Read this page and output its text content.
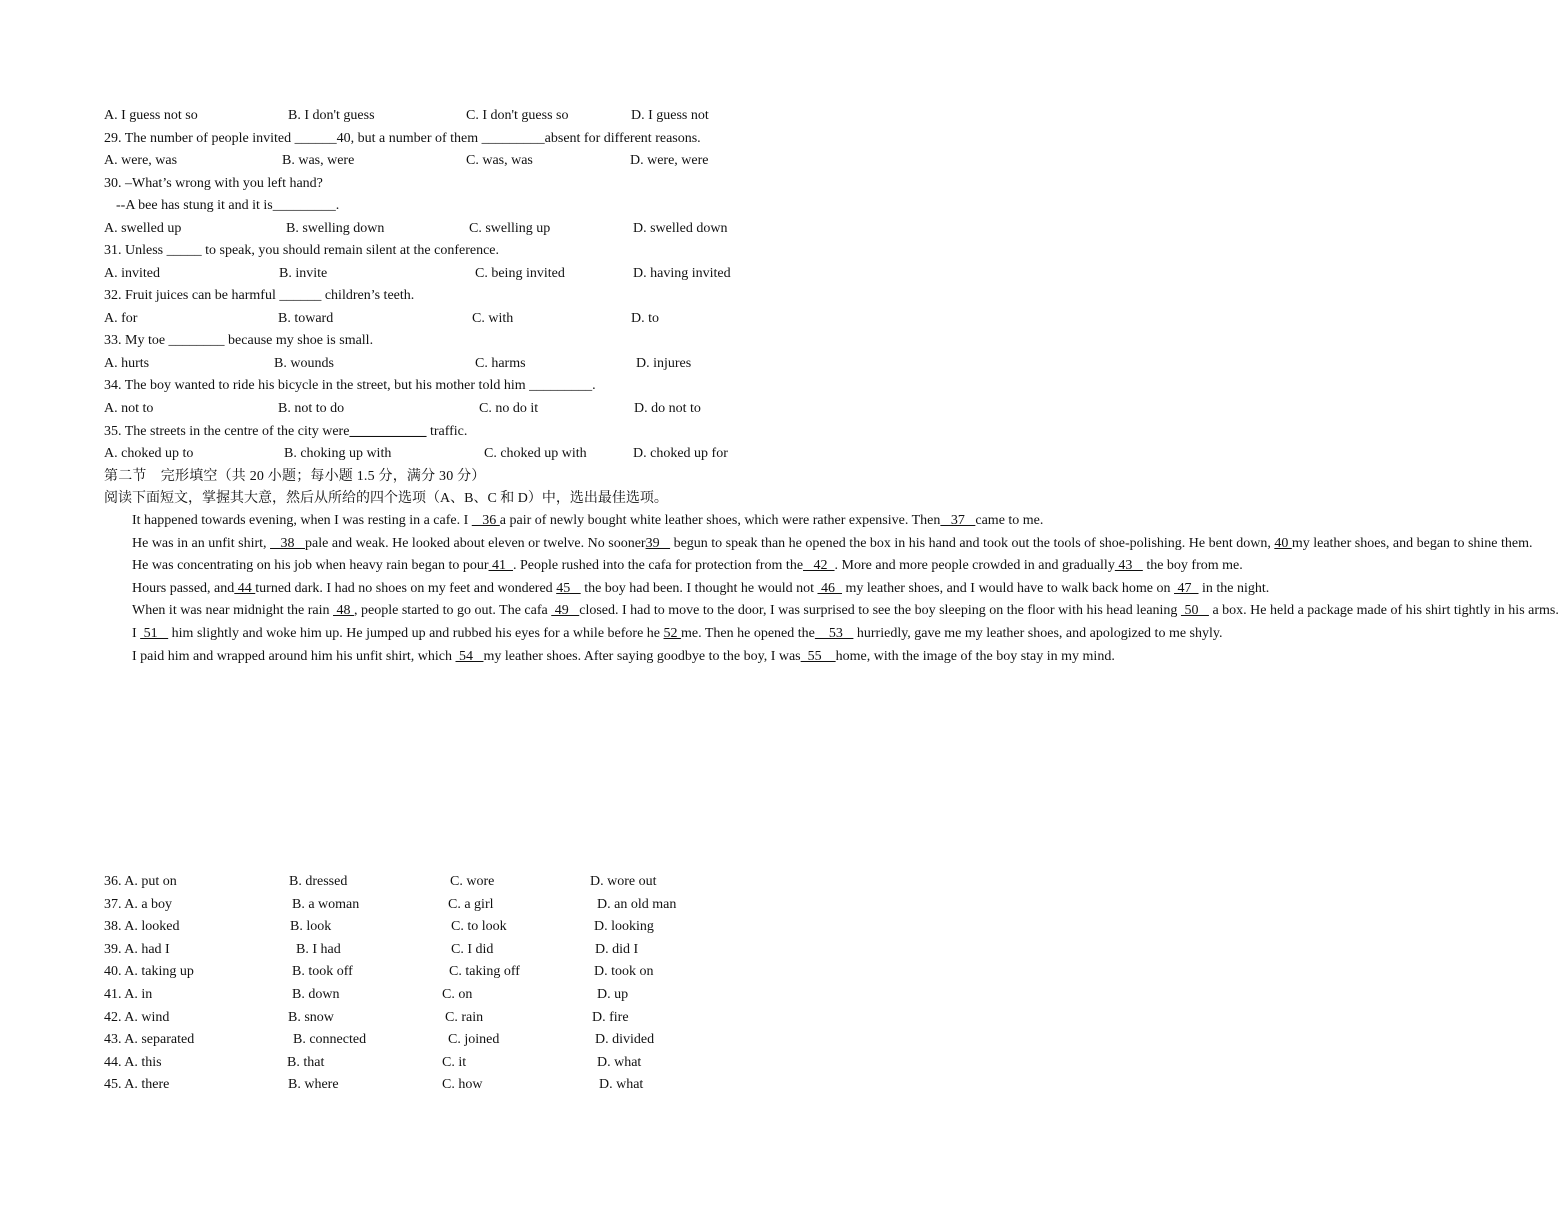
A. I guess not so	B. I don't guess	C. I don't guess so	D. I guess not
29. The number of people invited ______40, but a number of them _________absent for different reasons.
A. were, was	B. was, were	C. was, was	D. were, were
30. –What’s wrong with you left hand?
--A bee has stung it and it is_________.
A. swelled up	B. swelling down	C. swelling up	D. swelled down
31. Unless _____ to speak, you should remain silent at the conference.
A. invited	B. invite	C. being invited	D. having invited
32. Fruit juices can be harmful ______ children’s teeth.
A. for	B. toward	C. with	D. to
33. My toe ________ because my shoe is small.
A. hurts	B. wounds	C. harms	D. injures
34. The boy wanted to ride his bicycle in the street, but his mother told him _________.
A. not to	B. not to do	C. no do it	D. do not to
35. The streets in the centre of the city were___________ traffic.
A. choked up to	B. choking up with	C. choked up with	D. choked up for
第二节　完形填空（共 20 小题；每小题 1.5 分，满分 30 分）
阅读下面短文，掌握其大意，然后从所给的四个选项（A、B、C 和 D）中，选出最佳选项。

It happened towards evening, when I was resting in a cafe. I    36 a pair of newly bought white leather shoes, which were rather expensive. Then   37   came to me.

He was in an unfit shirt,    38   pale and weak. He looked about eleven or twelve. No sooner39    begun to speak than he opened the box in his hand and took out the tools of shoe-polishing. He bent down, 40 my leather shoes, and began to shine them.

He was concentrating on his job when heavy rain began to pour 41  . People rushed into the cafa for protection from the   42  . More and more people crowded in and gradually 43    the boy from me.

Hours passed, and 44 turned dark. I had no shoes on my feet and wondered 45    the boy had been. I thought he would not  46   my leather shoes, and I would have to walk back home on  47   in the night.

When it was near midnight the rain  48 , people started to go out. The cafa  49   closed. I had to move to the door, I was surprised to see the boy sleeping on the floor with his head leaning  50    a box. He held a package made of his shirt tightly in his arms.

I  51    him slightly and woke him up. He jumped up and rubbed his eyes for a while before he 52 me. Then he opened the    53    hurriedly, gave me my leather shoes, and apologized to me shyly.

I paid him and wrapped around him his unfit shirt, which  54   my leather shoes. After saying goodbye to the boy, I was  55    home, with the image of the boy stay in my mind.

36. A. put on	B. dressed	C. wore	D. wore out
37. A. a boy	B. a woman	C. a girl	D. an old man
38. A. looked	B. look	C. to look	D. looking
39. A. had I	B. I had	C. I did	D. did I
40. A. taking up	B. took off	C. taking off	D. took on
41. A. in	B. down	C. on	D. up
42. A. wind	B. snow	C. rain	D. fire
43. A. separated	B. connected	C. joined	D. divided
44. A. this	B. that	C. it	D. what
45. A. there	B. where	C. how	D. what
